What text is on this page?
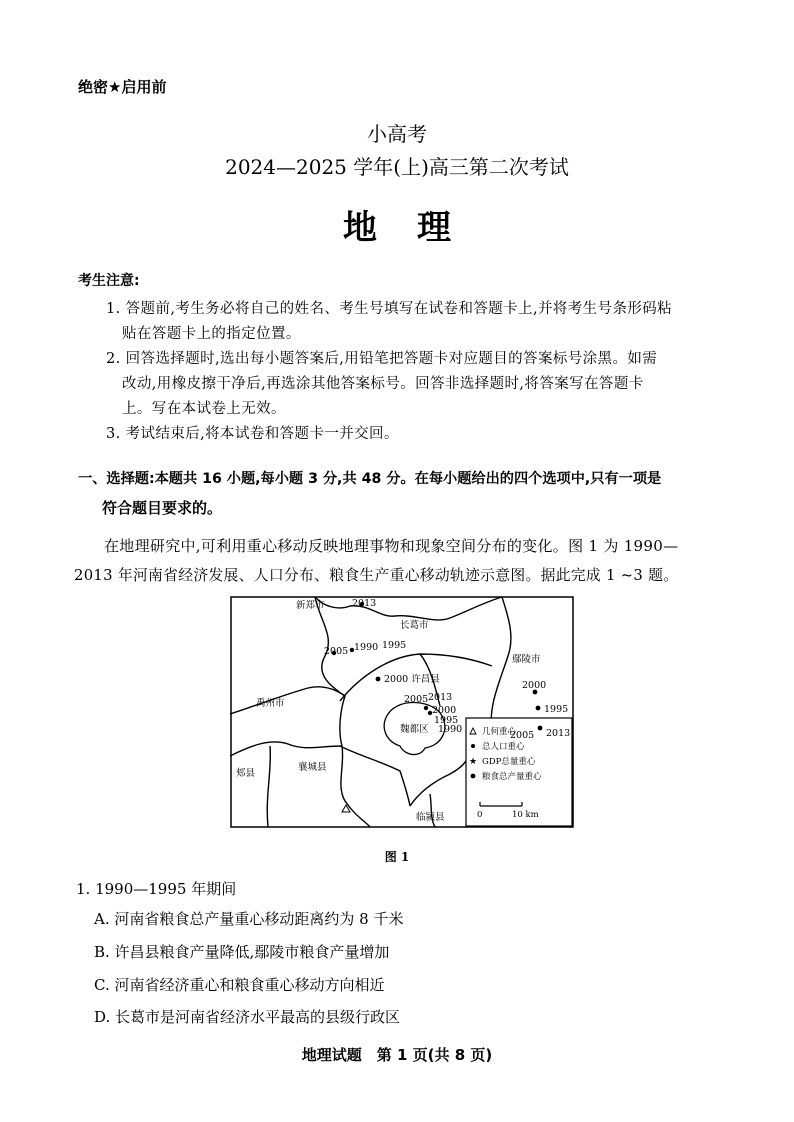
绝密★启用前
小高考
2024—2025 学年(上)高三第二次考试
地理
考生注意:
1. 答题前,考生务必将自己的姓名、考生号填写在试卷和答题卡上,并将考生号条形码粘
贴在答题卡上的指定位置。
2. 回答选择题时,选出每小题答案后,用铅笔把答题卡对应题目的答案标号涂黑。如需
改动,用橡皮擦干净后,再选涂其他答案标号。回答非选择题时,将答案写在答题卡
上。写在本试卷上无效。
3. 考试结束后,将本试卷和答题卡一并交回。
一、选择题:本题共 16 小题,每小题 3 分,共 48 分。在每小题给出的四个选项中,只有一项是
符合题目要求的。
在地理研究中,可利用重心移动反映地理事物和现象空间分布的变化。图 1 为 1990—
2013 年河南省经济发展、人口分布、粮食生产重心移动轨迹示意图。据此完成 1 ~3 题。
新郑市
长葛市
禹州市
鄢陵市
2000 许昌县
魏都区
郏县
襄城县
临颍县
2013
1990 1995
2005
2005 2013
2000
1995
1990
2000
1995
2005 2013
几何重心
总人口重心
★ GDP总量重心
粮食总产量重心
0	10 km
图 1
1. 1990—1995 年期间
A. 河南省粮食总产量重心移动距离约为 8 千米
B. 许昌县粮食产量降低,鄢陵市粮食产量增加
C. 河南省经济重心和粮食重心移动方向相近
D. 长葛市是河南省经济水平最高的县级行政区
地理试题　第 1 页(共 8 页)
